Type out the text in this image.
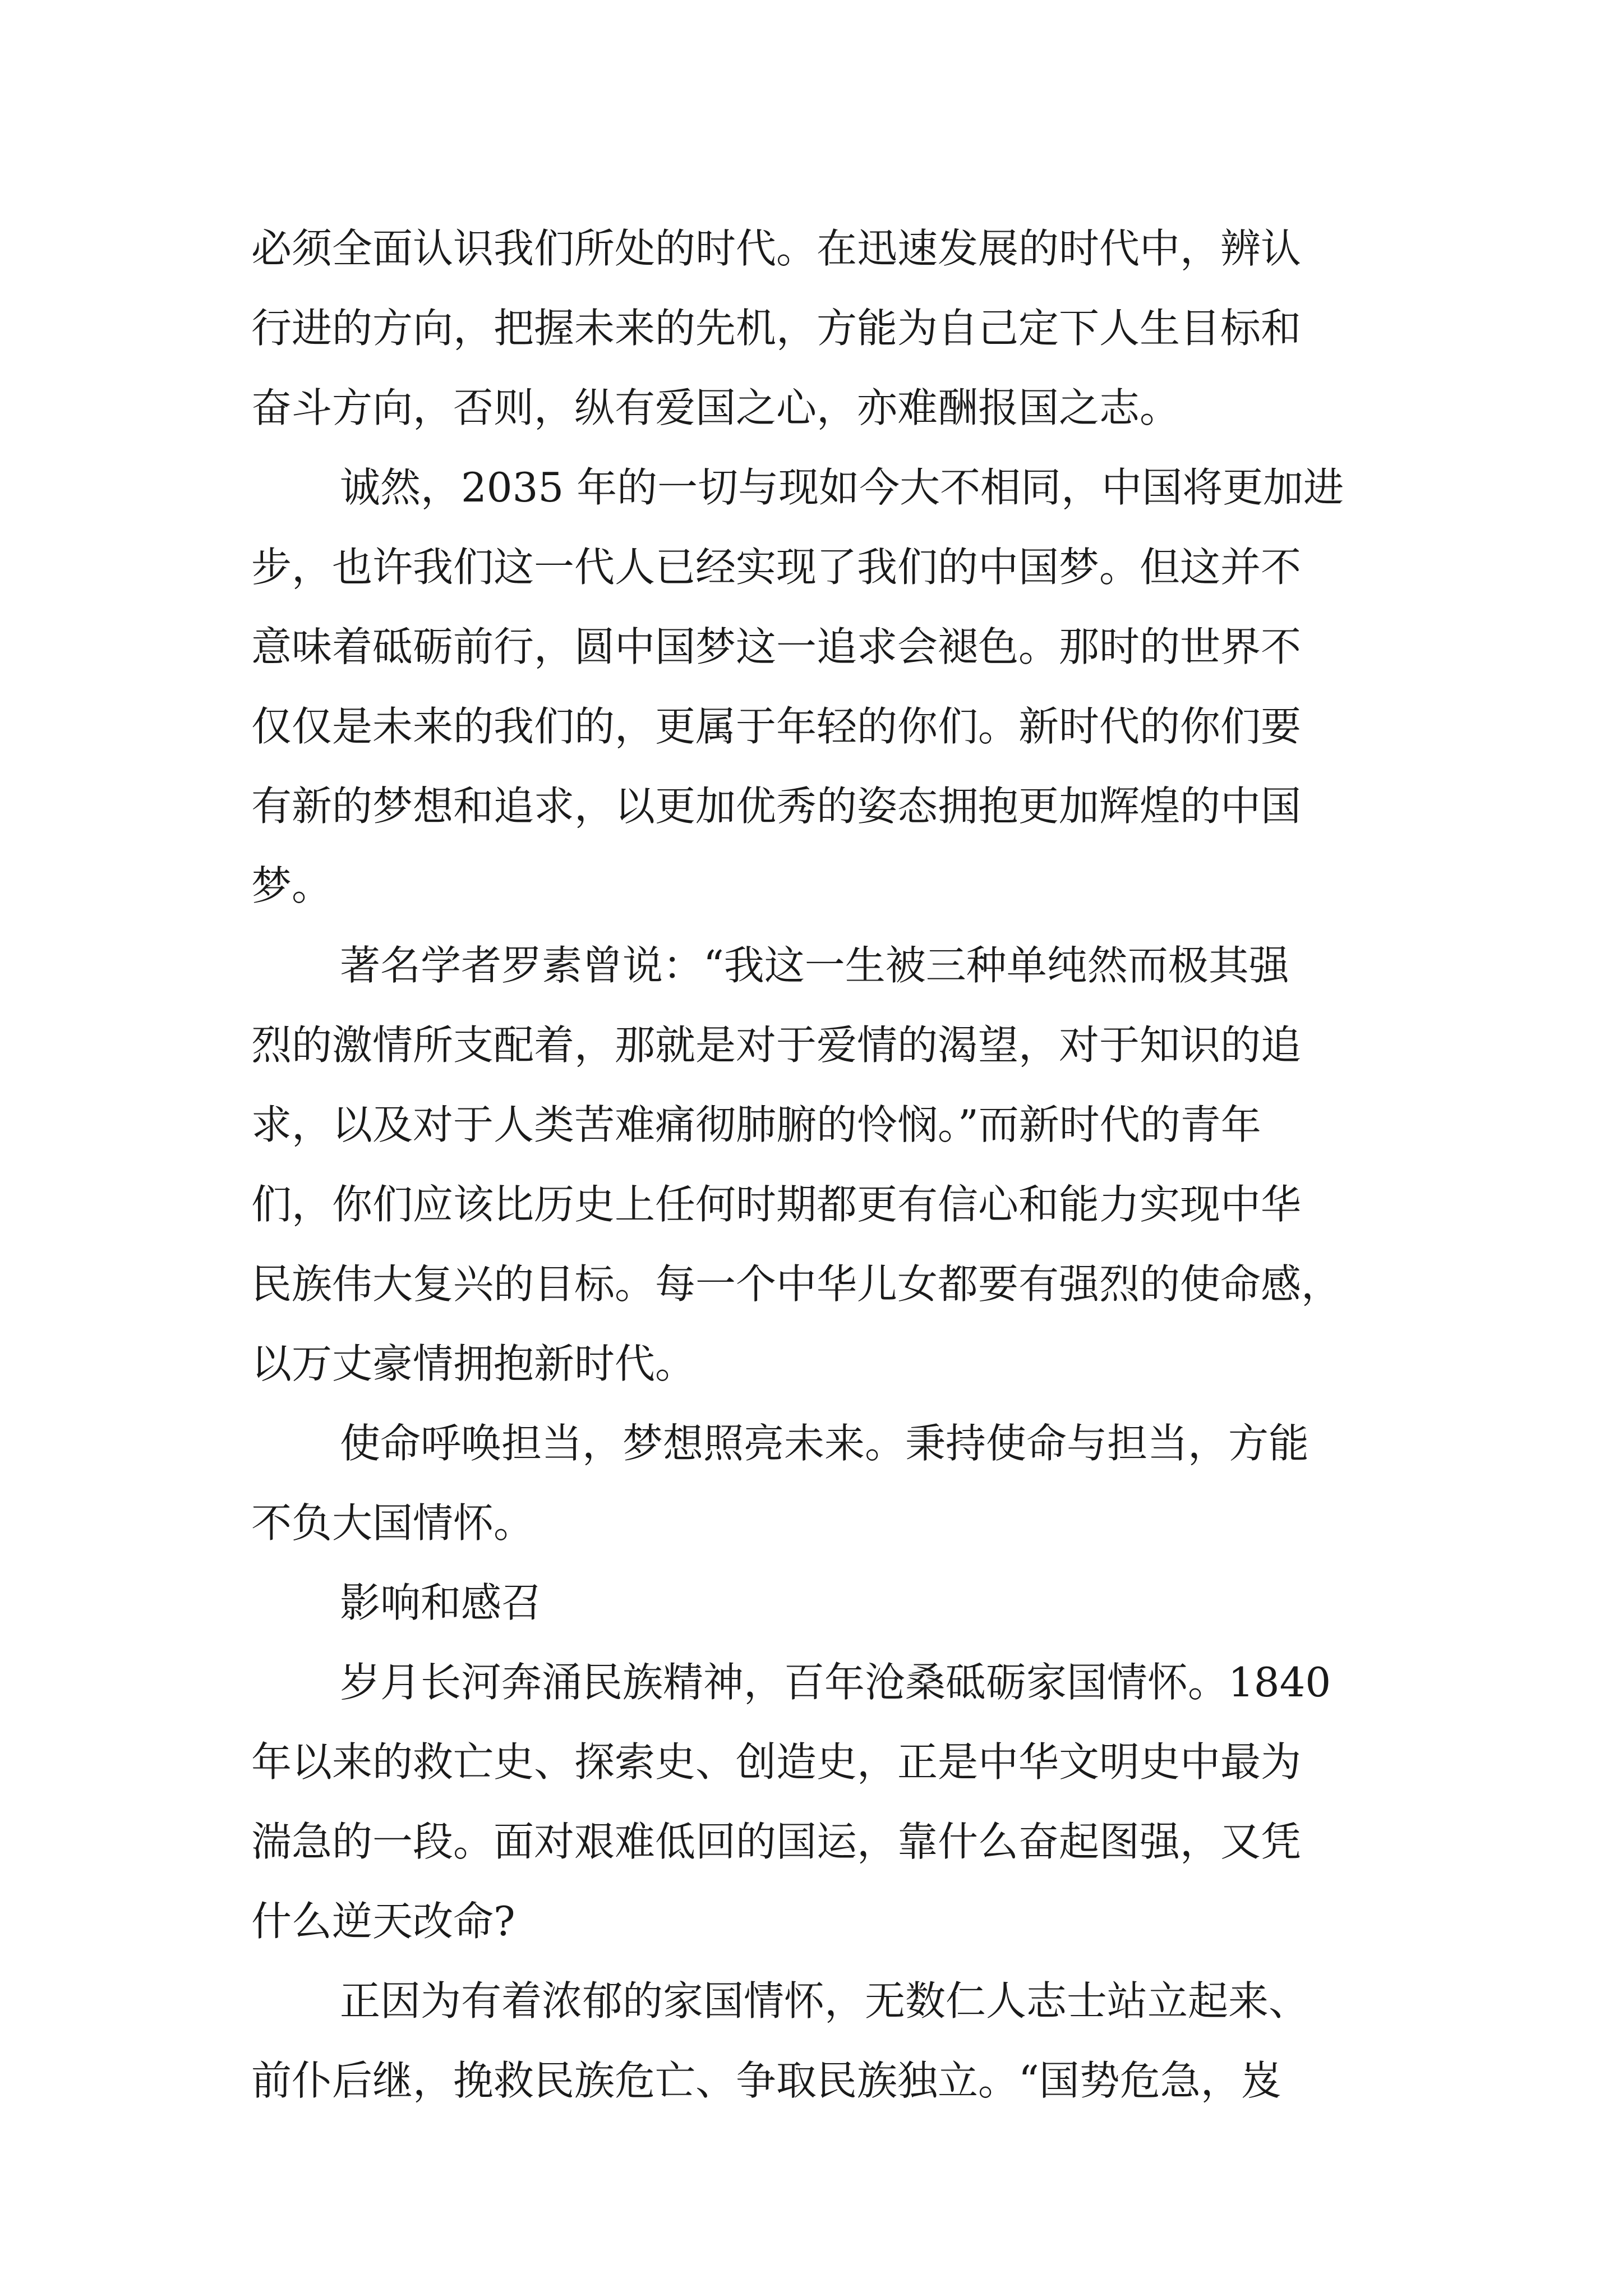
必须全面认识我们所处的时代。在迅速发展的时代中，辨认
行进的方向，把握未来的先机，方能为自己定下人生目标和
奋斗方向，否则，纵有爱国之心，亦难酬报国之志。
诚然，2035 年的一切与现如今大不相同，中国将更加进
步，也许我们这一代人已经实现了我们的中国梦。但这并不
意味着砥砺前行，圆中国梦这一追求会褪色。那时的世界不
仅仅是未来的我们的，更属于年轻的你们。新时代的你们要
有新的梦想和追求，以更加优秀的姿态拥抱更加辉煌的中国
梦。
著名学者罗素曾说：“我这一生被三种单纯然而极其强
烈的激情所支配着，那就是对于爱情的渴望，对于知识的追
求，以及对于人类苦难痛彻肺腑的怜悯。”而新时代的青年
们，你们应该比历史上任何时期都更有信心和能力实现中华
民族伟大复兴的目标。每一个中华儿女都要有强烈的使命感，
以万丈豪情拥抱新时代。
使命呼唤担当，梦想照亮未来。秉持使命与担当，方能
不负大国情怀。
影响和感召
岁月长河奔涌民族精神，百年沧桑砥砺家国情怀。1840
年以来的救亡史、探索史、创造史，正是中华文明史中最为
湍急的一段。面对艰难低回的国运，靠什么奋起图强，又凭
什么逆天改命?
正因为有着浓郁的家国情怀，无数仁人志士站立起来、
前仆后继，挽救民族危亡、争取民族独立。“国势危急，岌
